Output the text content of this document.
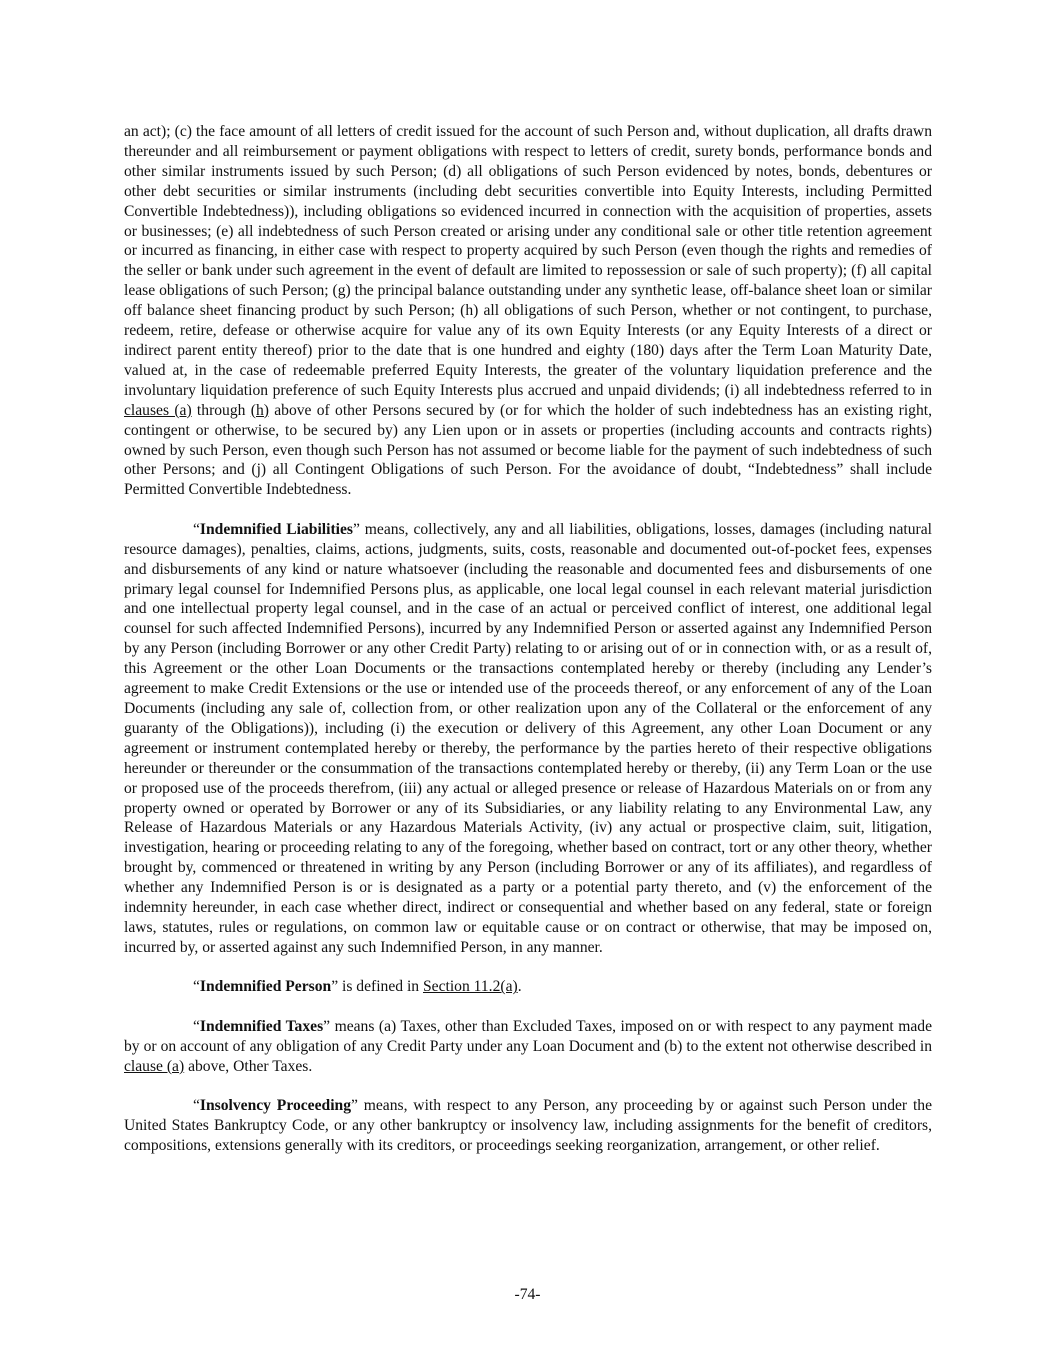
an act); (c) the face amount of all letters of credit issued for the account of such Person and, without duplication, all drafts drawn thereunder and all reimbursement or payment obligations with respect to letters of credit, surety bonds, performance bonds and other similar instruments issued by such Person; (d) all obligations of such Person evidenced by notes, bonds, debentures or other debt securities or similar instruments (including debt securities convertible into Equity Interests, including Permitted Convertible Indebtedness)), including obligations so evidenced incurred in connection with the acquisition of properties, assets or businesses; (e) all indebtedness of such Person created or arising under any conditional sale or other title retention agreement or incurred as financing, in either case with respect to property acquired by such Person (even though the rights and remedies of the seller or bank under such agreement in the event of default are limited to repossession or sale of such property); (f) all capital lease obligations of such Person; (g) the principal balance outstanding under any synthetic lease, off-balance sheet loan or similar off balance sheet financing product by such Person; (h) all obligations of such Person, whether or not contingent, to purchase, redeem, retire, defease or otherwise acquire for value any of its own Equity Interests (or any Equity Interests of a direct or indirect parent entity thereof) prior to the date that is one hundred and eighty (180) days after the Term Loan Maturity Date, valued at, in the case of redeemable preferred Equity Interests, the greater of the voluntary liquidation preference and the involuntary liquidation preference of such Equity Interests plus accrued and unpaid dividends; (i) all indebtedness referred to in clauses (a) through (h) above of other Persons secured by (or for which the holder of such indebtedness has an existing right, contingent or otherwise, to be secured by) any Lien upon or in assets or properties (including accounts and contracts rights) owned by such Person, even though such Person has not assumed or become liable for the payment of such indebtedness of such other Persons; and (j) all Contingent Obligations of such Person. For the avoidance of doubt, “Indebtedness” shall include Permitted Convertible Indebtedness.

“Indemnified Liabilities” means, collectively, any and all liabilities, obligations, losses, damages (including natural resource damages), penalties, claims, actions, judgments, suits, costs, reasonable and documented out-of-pocket fees, expenses and disbursements of any kind or nature whatsoever (including the reasonable and documented fees and disbursements of one primary legal counsel for Indemnified Persons plus, as applicable, one local legal counsel in each relevant material jurisdiction and one intellectual property legal counsel, and in the case of an actual or perceived conflict of interest, one additional legal counsel for such affected Indemnified Persons), incurred by any Indemnified Person or asserted against any Indemnified Person by any Person (including Borrower or any other Credit Party) relating to or arising out of or in connection with, or as a result of, this Agreement or the other Loan Documents or the transactions contemplated hereby or thereby (including any Lender’s agreement to make Credit Extensions or the use or intended use of the proceeds thereof, or any enforcement of any of the Loan Documents (including any sale of, collection from, or other realization upon any of the Collateral or the enforcement of any guaranty of the Obligations)), including (i) the execution or delivery of this Agreement, any other Loan Document or any agreement or instrument contemplated hereby or thereby, the performance by the parties hereto of their respective obligations hereunder or thereunder or the consummation of the transactions contemplated hereby or thereby, (ii) any Term Loan or the use or proposed use of the proceeds therefrom, (iii) any actual or alleged presence or release of Hazardous Materials on or from any property owned or operated by Borrower or any of its Subsidiaries, or any liability relating to any Environmental Law, any Release of Hazardous Materials or any Hazardous Materials Activity, (iv) any actual or prospective claim, suit, litigation, investigation, hearing or proceeding relating to any of the foregoing, whether based on contract, tort or any other theory, whether brought by, commenced or threatened in writing by any Person (including Borrower or any of its affiliates), and regardless of whether any Indemnified Person is or is designated as a party or a potential party thereto, and (v) the enforcement of the indemnity hereunder, in each case whether direct, indirect or consequential and whether based on any federal, state or foreign laws, statutes, rules or regulations, on common law or equitable cause or on contract or otherwise, that may be imposed on, incurred by, or asserted against any such Indemnified Person, in any manner.

“Indemnified Person” is defined in Section 11.2(a).

“Indemnified Taxes” means (a) Taxes, other than Excluded Taxes, imposed on or with respect to any payment made by or on account of any obligation of any Credit Party under any Loan Document and (b) to the extent not otherwise described in clause (a) above, Other Taxes.

“Insolvency Proceeding” means, with respect to any Person, any proceeding by or against such Person under the United States Bankruptcy Code, or any other bankruptcy or insolvency law, including assignments for the benefit of creditors, compositions, extensions generally with its creditors, or proceedings seeking reorganization, arrangement, or other relief.

-74-
